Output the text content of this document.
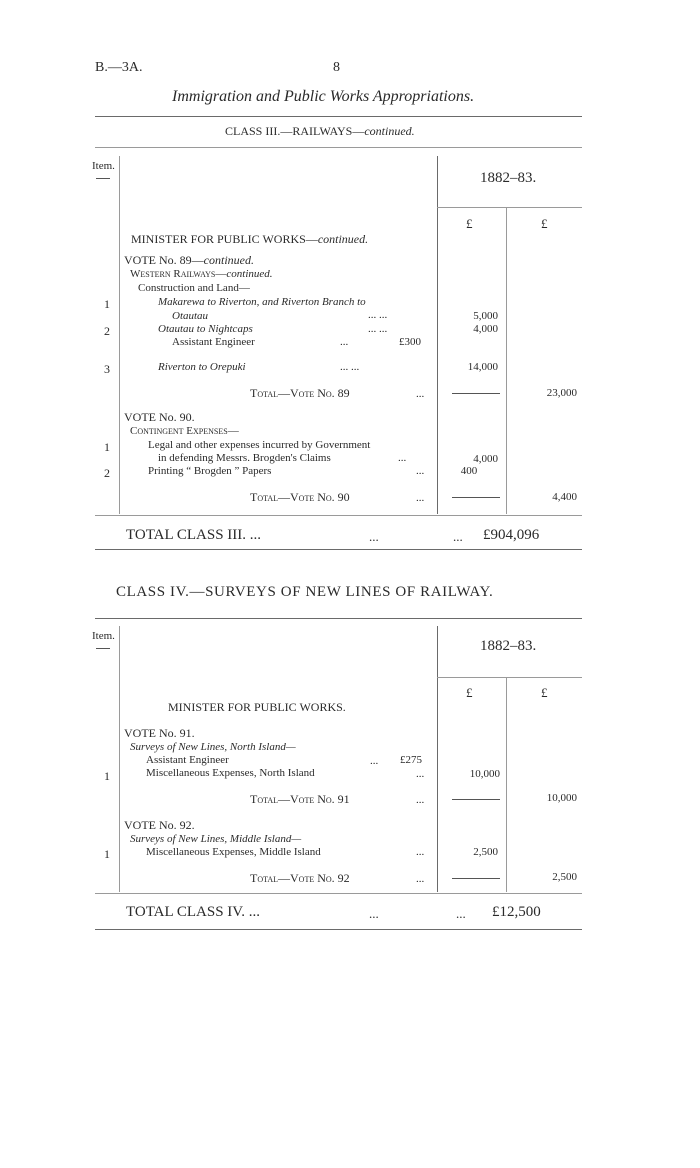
B.—3A.	8
Immigration and Public Works Appropriations.
CLASS III.—RAILWAYS—continued.
Item.
1882–83.
£	£
MINISTER FOR PUBLIC WORKS—continued.
VOTE No. 89—continued.
Western Railways—continued.
Construction and Land—
1	Makarewa to Riverton, and Riverton Branch to
Otautau	... ...	5,000
2	Otautau to Nightcaps	... ...	4,000
Assistant Engineer	...	£300
3	Riverton to Orepuki	... ...	14,000
Total—Vote No. 89	...	23,000
VOTE No. 90.
Contingent Expenses—
1	Legal and other expenses incurred by Government
in defending Messrs. Brogden's Claims	...	4,000
2	Printing “ Brogden ” Papers	...	400
Total—Vote No. 90	...	4,400
TOTAL CLASS III. ...	...	... £904,096
CLASS IV.—SURVEYS OF NEW LINES OF RAILWAY.
Item.
1882–83.
£	£
MINISTER FOR PUBLIC WORKS.
VOTE No. 91.
Surveys of New Lines, North Island—
Assistant Engineer	... £275
1	Miscellaneous Expenses, North Island	...	10,000
Total—Vote No. 91	...	10,000
VOTE No. 92.
Surveys of New Lines, Middle Island—
1	Miscellaneous Expenses, Middle Island	...	2,500
Total—Vote No. 92	...	2,500
TOTAL CLASS IV. ...	...	... £12,500
